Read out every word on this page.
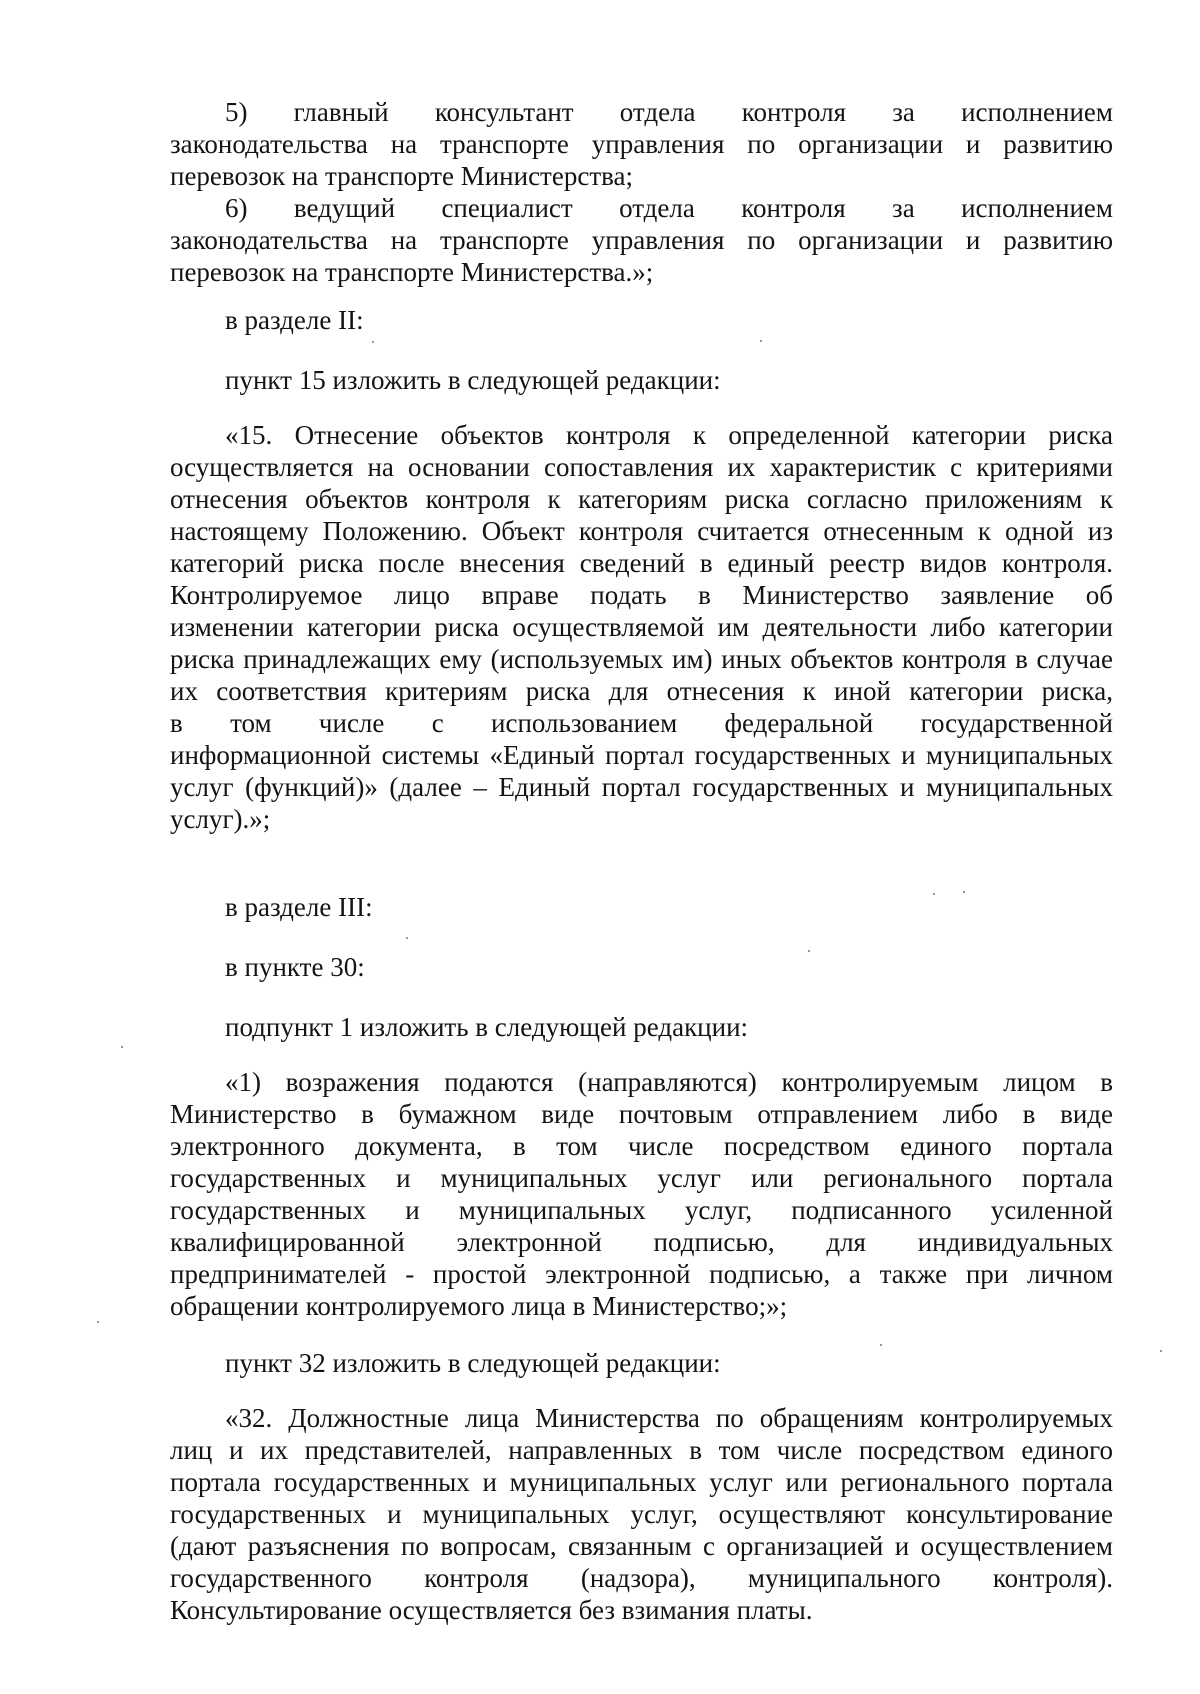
5) главный консультант отдела контроля за исполнением
законодательства на транспорте управления по организации и развитию
перевозок на транспорте Министерства;
6) ведущий специалист отдела контроля за исполнением
законодательства на транспорте управления по организации и развитию
перевозок на транспорте Министерства.»;
в разделе II:
пункт 15 изложить в следующей редакции:
«15. Отнесение объектов контроля к определенной категории риска
осуществляется на основании сопоставления их характеристик с критериями
отнесения объектов контроля к категориям риска согласно приложениям к
настоящему Положению. Объект контроля считается отнесенным к одной из
категорий риска после внесения сведений в единый реестр видов контроля.
Контролируемое лицо вправе подать в Министерство заявление об
изменении категории риска осуществляемой им деятельности либо категории
риска принадлежащих ему (используемых им) иных объектов контроля в случае
их соответствия критериям риска для отнесения к иной категории риска,
в том числе с использованием федеральной государственной
информационной системы «Единый портал государственных и муниципальных
услуг (функций)» (далее – Единый портал государственных и муниципальных
услуг).»;
в разделе III:
в пункте 30:
подпункт 1 изложить в следующей редакции:
«1) возражения подаются (направляются) контролируемым лицом в
Министерство в бумажном виде почтовым отправлением либо в виде
электронного документа, в том числе посредством единого портала
государственных и муниципальных услуг или регионального портала
государственных и муниципальных услуг, подписанного усиленной
квалифицированной электронной подписью, для индивидуальных
предпринимателей - простой электронной подписью, а также при личном
обращении контролируемого лица в Министерство;»;
пункт 32 изложить в следующей редакции:
«32. Должностные лица Министерства по обращениям контролируемых
лиц и их представителей, направленных в том числе посредством единого
портала государственных и муниципальных услуг или регионального портала
государственных и муниципальных услуг, осуществляют консультирование
(дают разъяснения по вопросам, связанным с организацией и осуществлением
государственного контроля (надзора), муниципального контроля).
Консультирование осуществляется без взимания платы.
